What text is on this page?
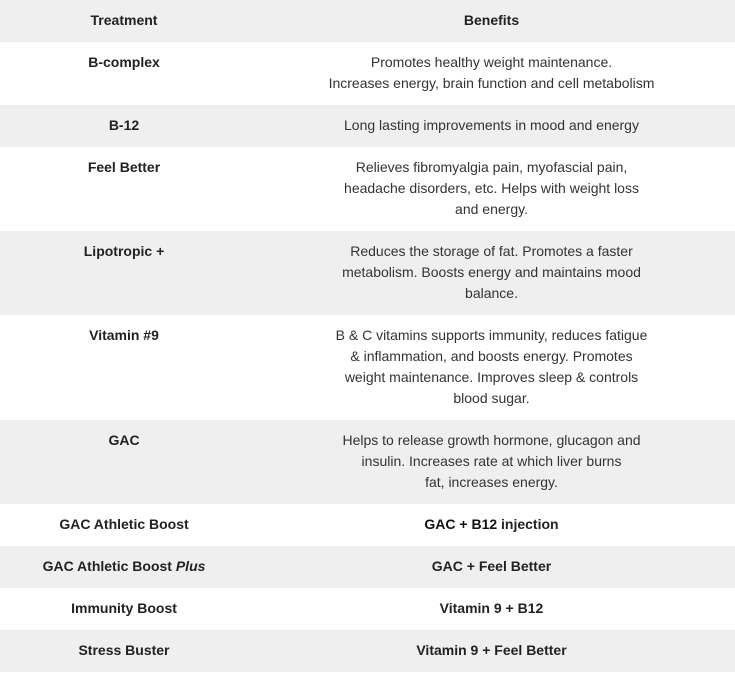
Treatment	Benefits
B-complex	Promotes healthy weight maintenance.
Increases energy, brain function and cell metabolism
B-12	Long lasting improvements in mood and energy
Feel Better	Relieves fibromyalgia pain, myofascial pain, headache disorders, etc. Helps with weight loss and energy.
Lipotropic +	Reduces the storage of fat. Promotes a faster metabolism. Boosts energy and maintains mood balance.
Vitamin #9	B & C vitamins supports immunity, reduces fatigue & inflammation, and boosts energy. Promotes weight maintenance. Improves sleep & controls blood sugar.
GAC	Helps to release growth hormone, glucagon and insulin. Increases rate at which liver burns
fat, increases energy.
GAC Athletic Boost	GAC + B12 injection
GAC Athletic Boost Plus	GAC + Feel Better
Immunity Boost	Vitamin 9 + B12
Stress Buster	Vitamin 9 + Feel Better
